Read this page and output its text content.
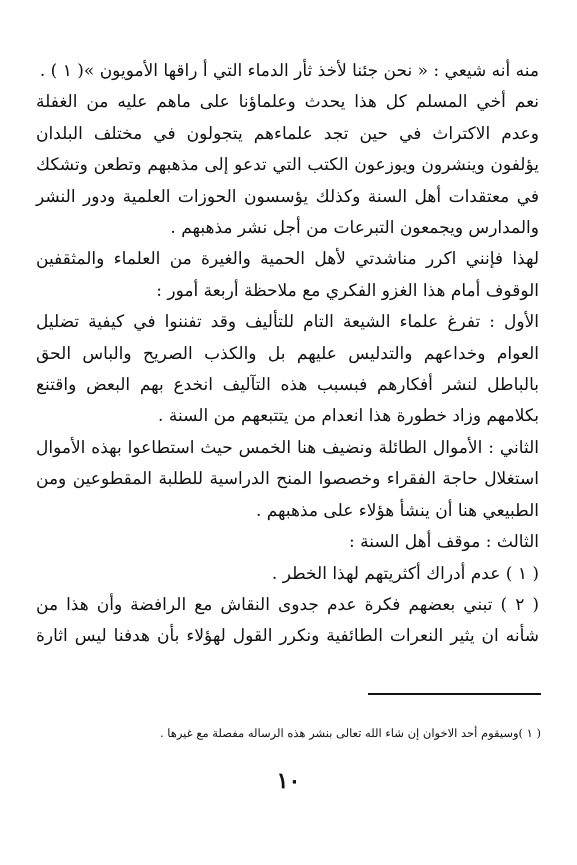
منه أنه شيعي : « نحن جئنا لأخذ ثأر الدماء التي أ راقها الأمويون »( ١ ) .

نعم أخي المسلم كل هذا يحدث وعلماؤنا على ماهم عليه من الغفلة وعدم الاكتراث في حين تجد علماءهم يتجولون في مختلف البلدان يؤلفون وينشرون ويوزعون الكتب التي تدعو إلى مذهبهم وتطعن وتشكك في معتقدات أهل السنة وكذلك يؤسسون الحوزات العلمية ودور النشر والمدارس ويجمعون التبرعات من أجل نشر مذهبهم .

لهذا فإنني اكرر مناشدتي لأهل الحمية والغيرة من العلماء والمثقفين الوقوف أمام هذا الغزو الفكري مع ملاحظة أربعة أمور :

الأول : تفرغ علماء الشيعة التام للتأليف وقد تفننوا في كيفية تضليل العوام وخداعهم والتدليس عليهم بل والكذب الصريح والباس الحق بالباطل لنشر أفكارهم فبسبب هذه التآليف انخدع بهم البعض واقتنع بكلامهم وزاد خطورة هذا انعدام من يتتبعهم من السنة .

الثاني : الأموال الطائلة ونضيف هنا الخمس حيث استطاعوا بهذه الأموال استغلال حاجة الفقراء وخصصوا المنح الدراسية للطلبة المقطوعين ومن الطبيعي هنا أن ينشأ هؤلاء على مذهبهم .

الثالث : موقف أهل السنة :

( ١ ) عدم أدراك أكثريتهم لهذا الخطر .

( ٢ ) تبني بعضهم فكرة عدم جدوى النقاش مع الرافضة وأن هذا من شأنه ان يثير النعرات الطائفية ونكرر القول لهؤلاء بأن هدفنا ليس اثارة

( ١ )وسيقوم أحد الاخوان إن شاء الله تعالى بنشر هذه الرساله مفصلة مع غيرها .
١٠
